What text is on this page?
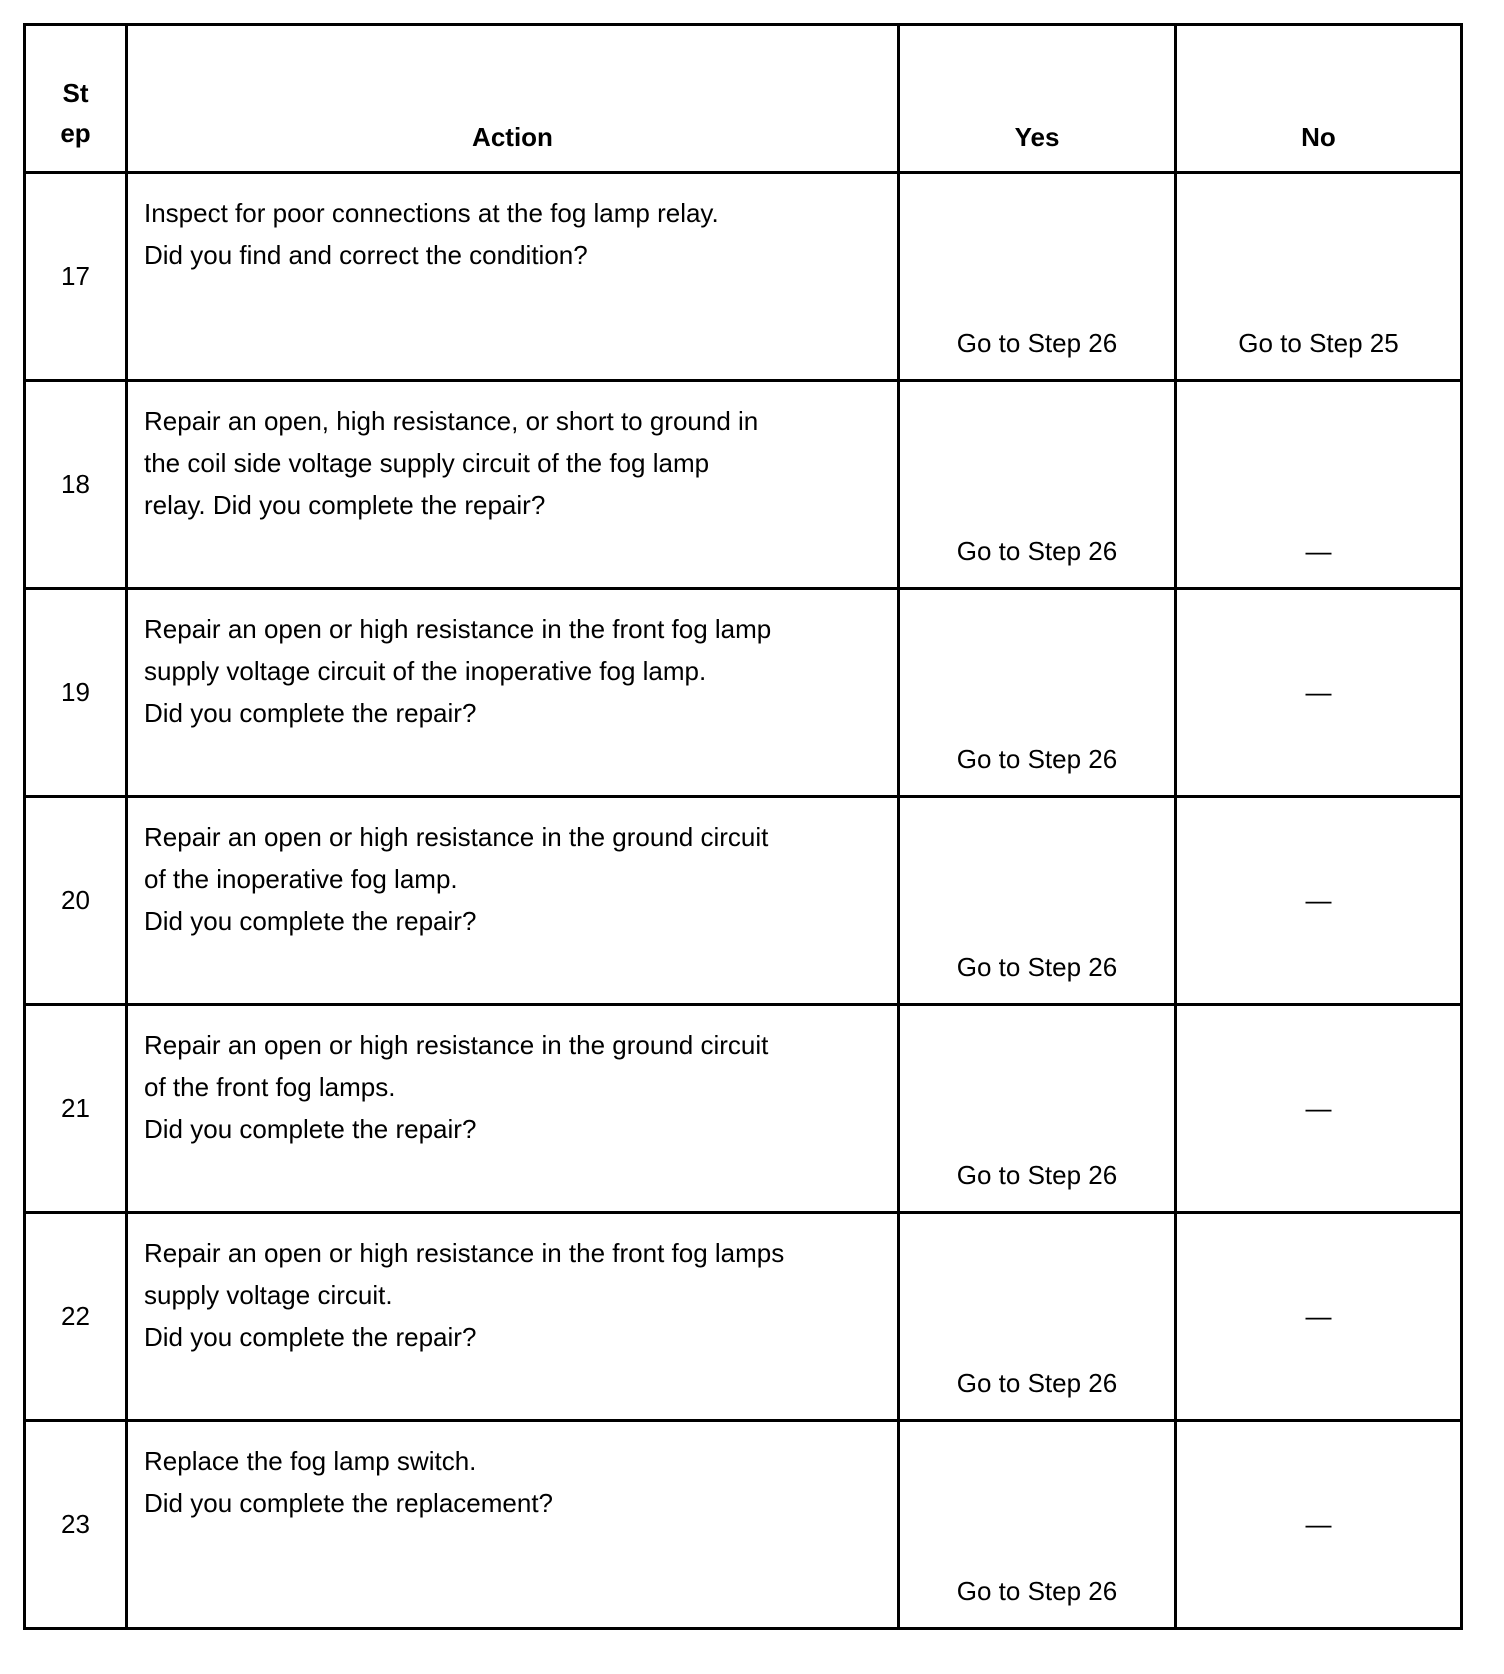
St
ep	Action	Yes	No
17	Inspect for poor connections at the fog lamp relay.
Did you find and correct the condition?	Go to Step 26	Go to Step 25
18	Repair an open, high resistance, or short to ground in
the coil side voltage supply circuit of the fog lamp
relay. Did you complete the repair?	Go to Step 26	—
19	Repair an open or high resistance in the front fog lamp
supply voltage circuit of the inoperative fog lamp.
Did you complete the repair?	Go to Step 26	—
20	Repair an open or high resistance in the ground circuit
of the inoperative fog lamp.
Did you complete the repair?	Go to Step 26	—
21	Repair an open or high resistance in the ground circuit
of the front fog lamps.
Did you complete the repair?	Go to Step 26	—
22	Repair an open or high resistance in the front fog lamps
supply voltage circuit.
Did you complete the repair?	Go to Step 26	—
23	Replace the fog lamp switch.
Did you complete the replacement?	Go to Step 26	—
